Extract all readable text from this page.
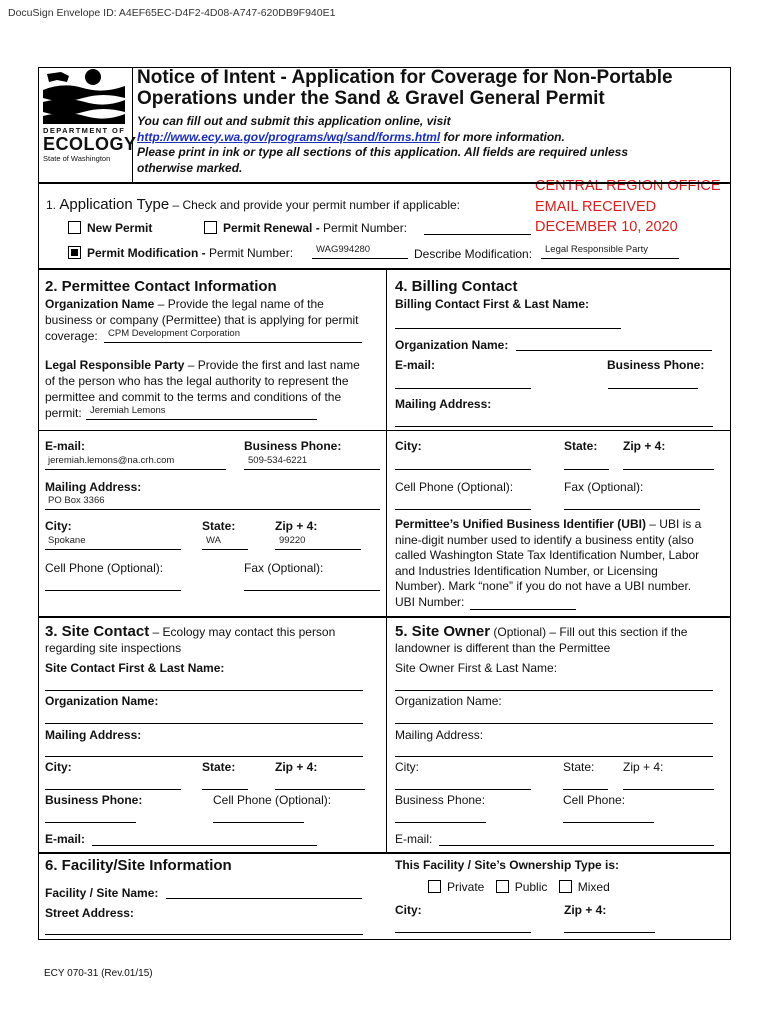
DocuSign Envelope ID: A4EF65EC-D4F2-4D08-A747-620DB9F940E1
DEPARTMENT OF
ECOLOGY
State of Washington
Notice of Intent - Application for Coverage for Non-Portable
Operations under the Sand & Gravel General Permit
You can fill out and submit this application online, visit
http://www.ecy.wa.gov/programs/wq/sand/forms.html for more information.
Please print in ink or type all sections of this application. All fields are required unless
otherwise marked.
CENTRAL REGION OFFICE
EMAIL RECEIVED
DECEMBER 10, 2020
1. Application Type – Check and provide your permit number if applicable:
New Permit	Permit Renewal - Permit Number:
Permit Modification - Permit Number: WAG994280	Describe Modification: Legal Responsible Party
2. Permittee Contact Information
Organization Name – Provide the legal name of the
business or company (Permittee) that is applying for permit
coverage:	CPM Development Corporation
Legal Responsible Party – Provide the first and last name
of the person who has the legal authority to represent the
permittee and commit to the terms and conditions of the
permit: Jeremiah Lemons
E-mail:	Business Phone:
jeremiah.lemons@na.crh.com	509-534-6221
Mailing Address:
PO Box 3366
City:	State:	Zip + 4:
Spokane	WA	99220
Cell Phone (Optional):	Fax (Optional):
4. Billing Contact
Billing Contact First & Last Name:
Organization Name:
E-mail:	Business Phone:
Mailing Address:
City:	State: Zip + 4:
Cell Phone (Optional):	Fax (Optional):
Permittee’s Unified Business Identifier (UBI) – UBI is a
nine-digit number used to identify a business entity (also
called Washington State Tax Identification Number, Labor
and Industries Identification Number, or Licensing
Number). Mark “none” if you do not have a UBI number.
UBI Number:
3. Site Contact – Ecology may contact this person
regarding site inspections
Site Contact First & Last Name:
Organization Name:
Mailing Address:
City:	State:	Zip + 4:
Business Phone:	Cell Phone (Optional):
E-mail:
5. Site Owner (Optional) – Fill out this section if the
landowner is different than the Permittee
Site Owner First & Last Name:
Organization Name:
Mailing Address:
City:	State: Zip + 4:
Business Phone:	Cell Phone:
E-mail:
6. Facility/Site Information
Facility / Site Name:
Street Address:
This Facility / Site’s Ownership Type is:
Private	Public	Mixed
City:	Zip + 4:
ECY 070-31 (Rev.01/15)
